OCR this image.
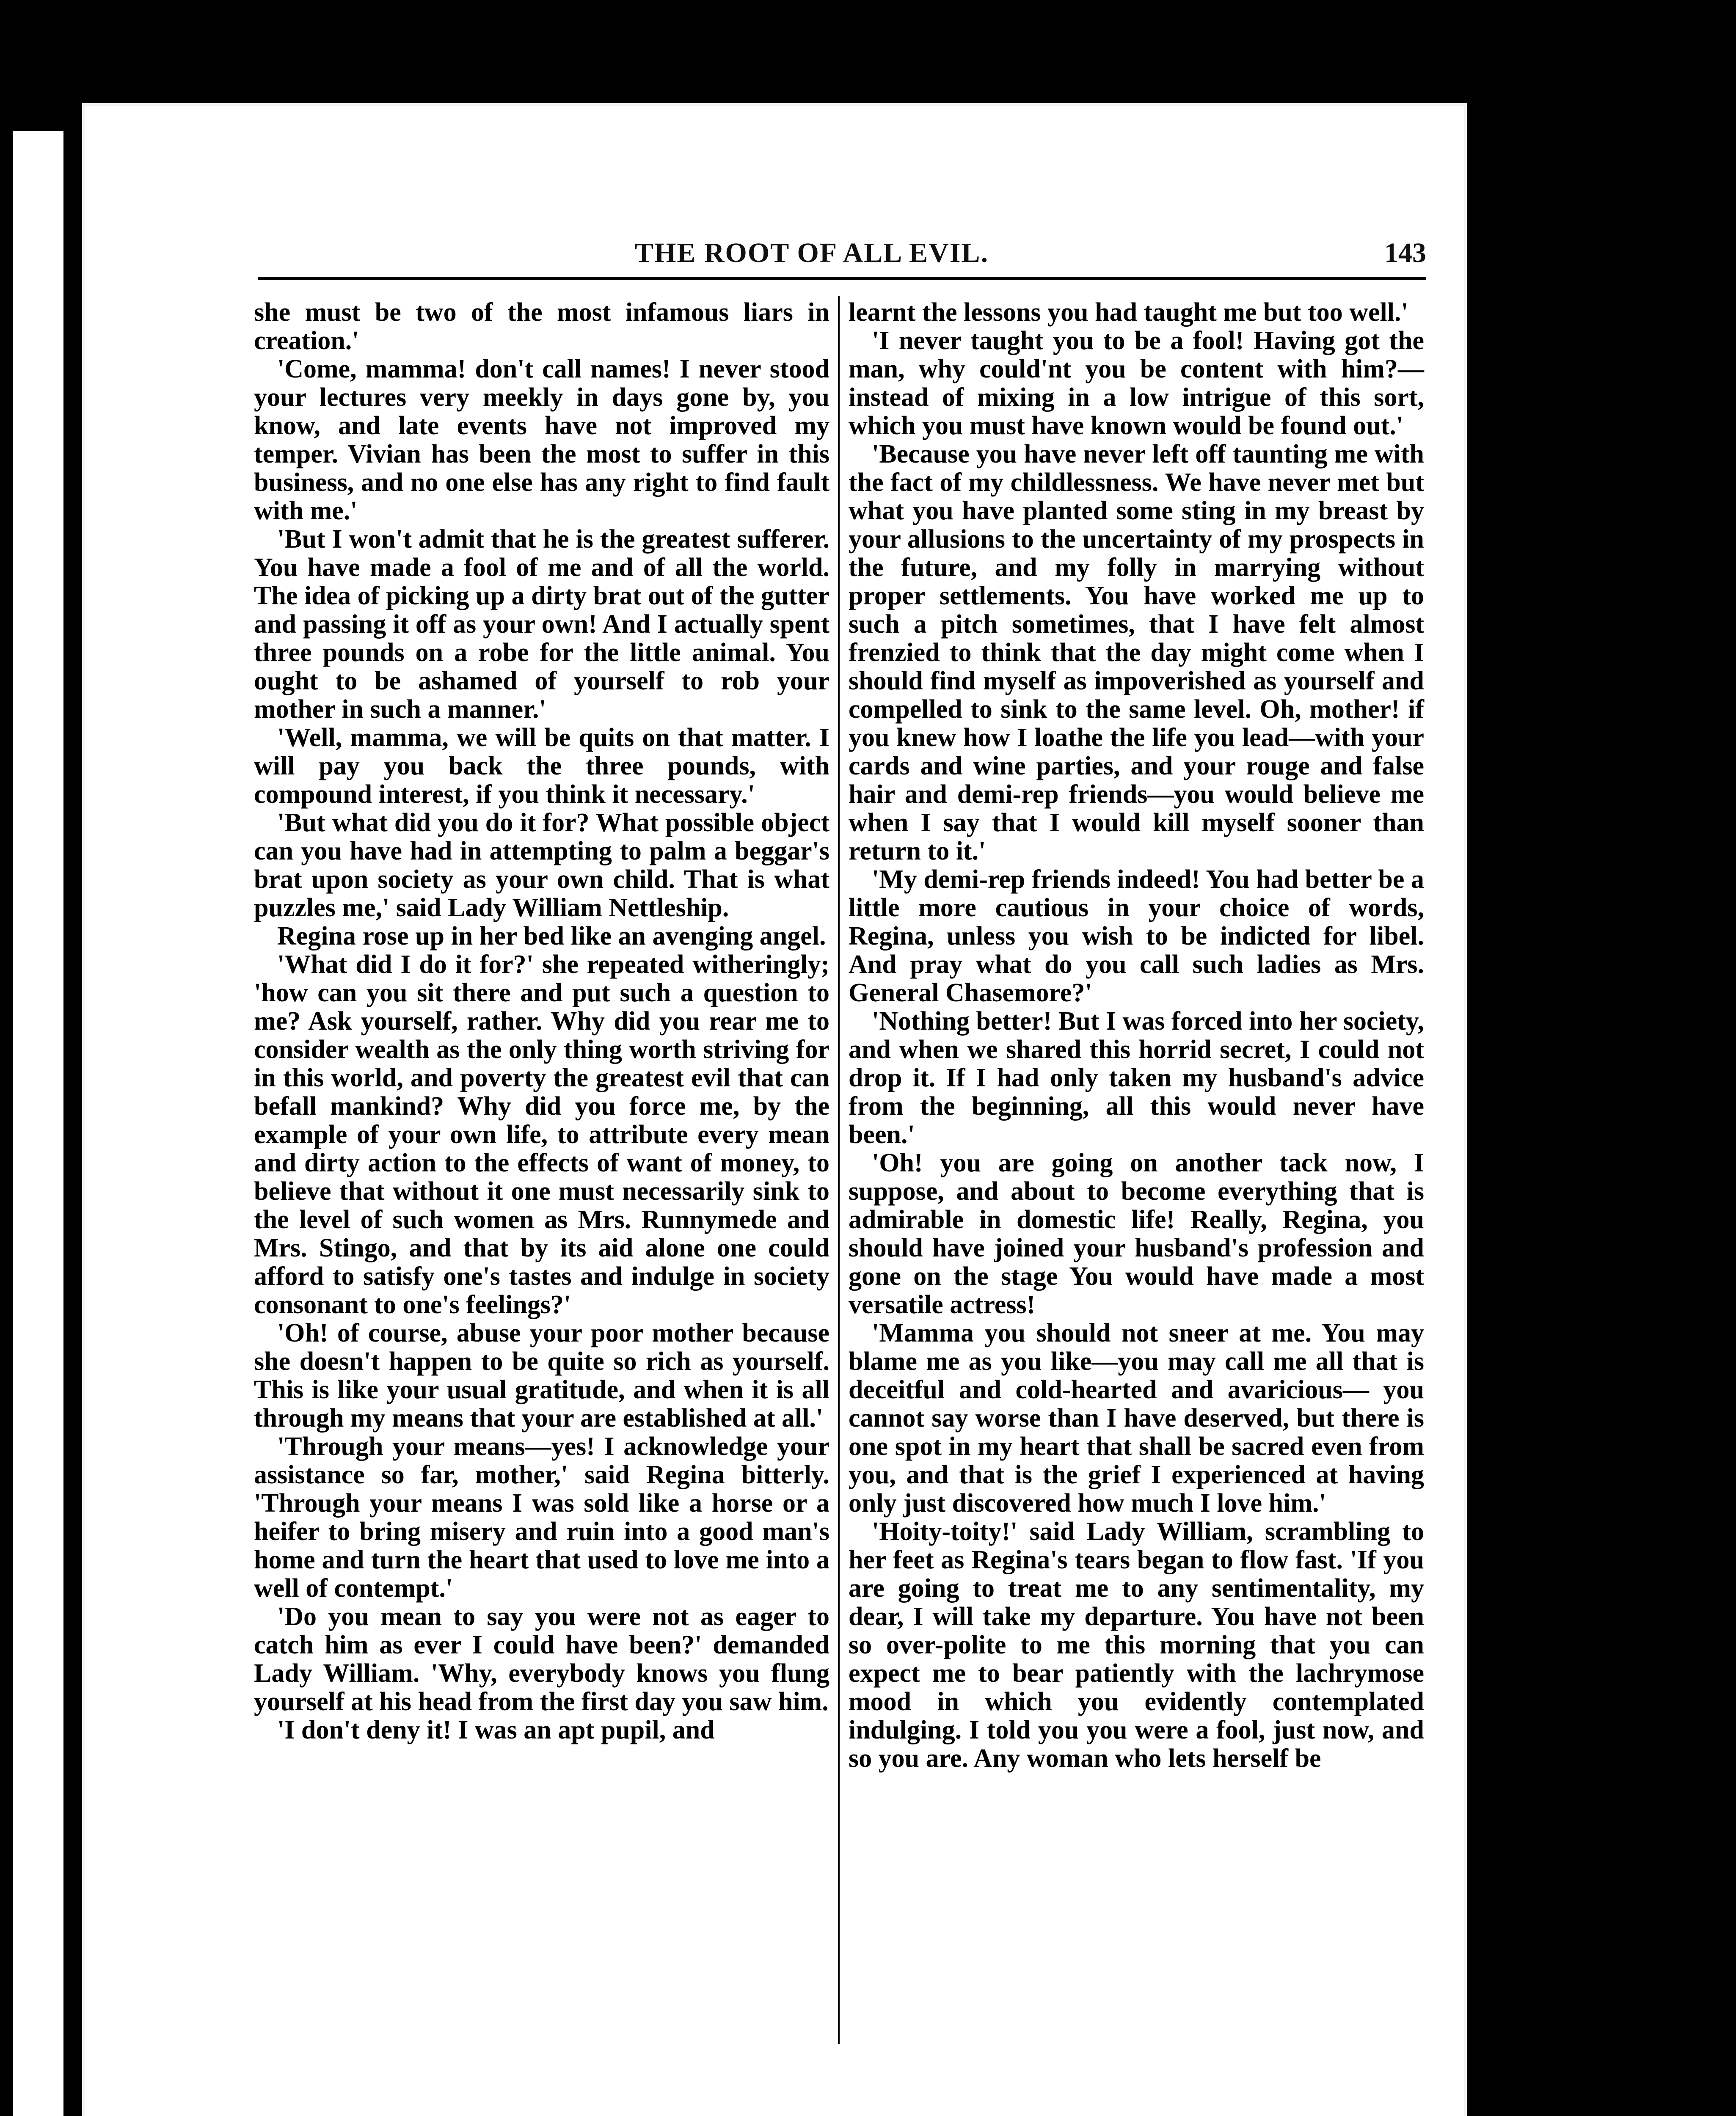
THE ROOT OF ALL EVIL.	143

she must be two of the most infamous liars in creation.'

'Come, mamma! don't call names! I never stood your lectures very meekly in days gone by, you know, and late events have not improved my temper. Vivian has been the most to suffer in this business, and no one else has any right to find fault with me.'

'But I won't admit that he is the greatest sufferer. You have made a fool of me and of all the world. The idea of picking up a dirty brat out of the gutter and passing it off as your own! And I actually spent three pounds on a robe for the little animal. You ought to be ashamed of yourself to rob your mother in such a manner.'

'Well, mamma, we will be quits on that matter. I will pay you back the three pounds, with compound interest, if you think it necessary.'

'But what did you do it for? What possible object can you have had in attempting to palm a beggar's brat upon society as your own child. That is what puzzles me,' said Lady William Nettleship.

Regina rose up in her bed like an avenging angel.

'What did I do it for?' she repeated witheringly; 'how can you sit there and put such a question to me? Ask yourself, rather. Why did you rear me to consider wealth as the only thing worth striving for in this world, and poverty the greatest evil that can befall mankind? Why did you force me, by the example of your own life, to attribute every mean and dirty action to the effects of want of money, to believe that without it one must necessarily sink to the level of such women as Mrs. Runnymede and Mrs. Stingo, and that by its aid alone one could afford to satisfy one's tastes and indulge in society consonant to one's feelings?'

'Oh! of course, abuse your poor mother because she doesn't happen to be quite so rich as yourself. This is like your usual gratitude, and when it is all through my means that your are established at all.'

'Through your means—yes! I acknowledge your assistance so far, mother,' said Regina bitterly. 'Through your means I was sold like a horse or a heifer to bring misery and ruin into a good man's home and turn the heart that used to love me into a well of contempt.'

'Do you mean to say you were not as eager to catch him as ever I could have been?' demanded Lady William. 'Why, everybody knows you flung yourself at his head from the first day you saw him.

'I don't deny it! I was an apt pupil, and

learnt the lessons you had taught me but too well.'

'I never taught you to be a fool! Having got the man, why could'nt you be content with him?—instead of mixing in a low intrigue of this sort, which you must have known would be found out.'

'Because you have never left off taunting me with the fact of my childlessness. We have never met but what you have planted some sting in my breast by your allusions to the uncertainty of my prospects in the future, and my folly in marrying without proper settlements. You have worked me up to such a pitch sometimes, that I have felt almost frenzied to think that the day might come when I should find myself as impoverished as yourself and compelled to sink to the same level. Oh, mother! if you knew how I loathe the life you lead—with your cards and wine parties, and your rouge and false hair and demi-rep friends—you would believe me when I say that I would kill myself sooner than return to it.'

'My demi-rep friends indeed! You had better be a little more cautious in your choice of words, Regina, unless you wish to be indicted for libel. And pray what do you call such ladies as Mrs. General Chasemore?'

'Nothing better! But I was forced into her society, and when we shared this horrid secret, I could not drop it. If I had only taken my husband's advice from the beginning, all this would never have been.'

'Oh! you are going on another tack now, I suppose, and about to become everything that is admirable in domestic life! Really, Regina, you should have joined your husband's profession and gone on the stage You would have made a most versatile actress!

'Mamma you should not sneer at me. You may blame me as you like—you may call me all that is deceitful and cold-hearted and avaricious— you cannot say worse than I have deserved, but there is one spot in my heart that shall be sacred even from you, and that is the grief I experienced at having only just discovered how much I love him.'

'Hoity-toity!' said Lady William, scrambling to her feet as Regina's tears began to flow fast. 'If you are going to treat me to any sentimentality, my dear, I will take my departure. You have not been so over-polite to me this morning that you can expect me to bear patiently with the lachrymose mood in which you evidently contemplated indulging. I told you you were a fool, just now, and so you are. Any woman who lets herself be
